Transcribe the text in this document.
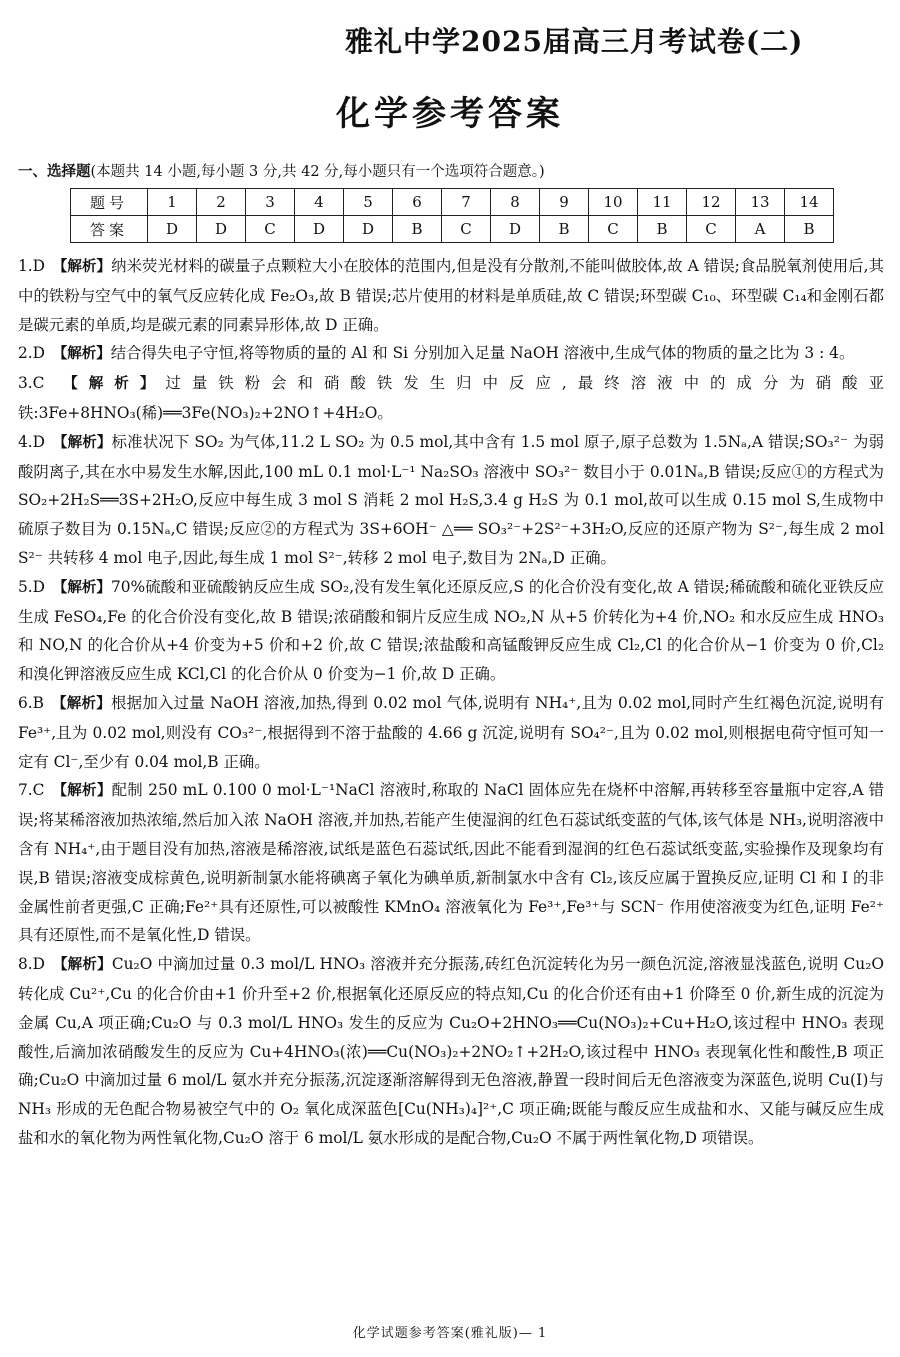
雅礼中学2025届高三月考试卷(二)
化学参考答案
一、选择题(本题共 14 小题,每小题 3 分,共 42 分,每小题只有一个选项符合题意。)
题号	1	2	3	4	5	6	7	8	9	10	11	12	13	14
答案	D	D	C	D	D	B	C	D	B	C	B	C	A	B
1.D  【解析】纳米荧光材料的碳量子点颗粒大小在胶体的范围内,但是没有分散剂,不能叫做胶体,故 A 错误;食品脱氧剂使用后,其中的铁粉与空气中的氧气反应转化成 Fe₂O₃,故 B 错误;芯片使用的材料是单质硅,故 C 错误;环型碳 C₁₀、环型碳 C₁₄和金刚石都是碳元素的单质,均是碳元素的同素异形体,故 D 正确。
2.D  【解析】结合得失电子守恒,将等物质的量的 Al 和 Si 分别加入足量 NaOH 溶液中,生成气体的物质的量之比为 3 : 4。
3.C  【解析】过量铁粉会和硝酸铁发生归中反应,最终溶液中的成分为硝酸亚铁:3Fe+8HNO₃(稀)══3Fe(NO₃)₂+2NO↑+4H₂O。
4.D  【解析】标准状况下 SO₂ 为气体,11.2 L SO₂ 为 0.5 mol,其中含有 1.5 mol 原子,原子总数为 1.5Nₐ,A 错误;SO₃²⁻ 为弱酸阴离子,其在水中易发生水解,因此,100 mL 0.1 mol·L⁻¹ Na₂SO₃ 溶液中 SO₃²⁻ 数目小于 0.01Nₐ,B 错误;反应①的方程式为 SO₂+2H₂S══3S+2H₂O,反应中每生成 3 mol S 消耗 2 mol H₂S,3.4 g H₂S 为 0.1 mol,故可以生成 0.15 mol S,生成物中硫原子数目为 0.15Nₐ,C 错误;反应②的方程式为 3S+6OH⁻ △══ SO₃²⁻+2S²⁻+3H₂O,反应的还原产物为 S²⁻,每生成 2 mol S²⁻ 共转移 4 mol 电子,因此,每生成 1 mol S²⁻,转移 2 mol 电子,数目为 2Nₐ,D 正确。
5.D  【解析】70%硫酸和亚硫酸钠反应生成 SO₂,没有发生氧化还原反应,S 的化合价没有变化,故 A 错误;稀硫酸和硫化亚铁反应生成 FeSO₄,Fe 的化合价没有变化,故 B 错误;浓硝酸和铜片反应生成 NO₂,N 从+5 价转化为+4 价,NO₂ 和水反应生成 HNO₃ 和 NO,N 的化合价从+4 价变为+5 价和+2 价,故 C 错误;浓盐酸和高锰酸钾反应生成 Cl₂,Cl 的化合价从−1 价变为 0 价,Cl₂ 和溴化钾溶液反应生成 KCl,Cl 的化合价从 0 价变为−1 价,故 D 正确。
6.B  【解析】根据加入过量 NaOH 溶液,加热,得到 0.02 mol 气体,说明有 NH₄⁺,且为 0.02 mol,同时产生红褐色沉淀,说明有 Fe³⁺,且为 0.02 mol,则没有 CO₃²⁻,根据得到不溶于盐酸的 4.66 g 沉淀,说明有 SO₄²⁻,且为 0.02 mol,则根据电荷守恒可知一定有 Cl⁻,至少有 0.04 mol,B 正确。
7.C  【解析】配制 250 mL 0.100 0 mol·L⁻¹NaCl 溶液时,称取的 NaCl 固体应先在烧杯中溶解,再转移至容量瓶中定容,A 错误;将某稀溶液加热浓缩,然后加入浓 NaOH 溶液,并加热,若能产生使湿润的红色石蕊试纸变蓝的气体,该气体是 NH₃,说明溶液中含有 NH₄⁺,由于题目没有加热,溶液是稀溶液,试纸是蓝色石蕊试纸,因此不能看到湿润的红色石蕊试纸变蓝,实验操作及现象均有误,B 错误;溶液变成棕黄色,说明新制氯水能将碘离子氧化为碘单质,新制氯水中含有 Cl₂,该反应属于置换反应,证明 Cl 和 I 的非金属性前者更强,C 正确;Fe²⁺具有还原性,可以被酸性 KMnO₄ 溶液氧化为 Fe³⁺,Fe³⁺与 SCN⁻ 作用使溶液变为红色,证明 Fe²⁺ 具有还原性,而不是氧化性,D 错误。
8.D  【解析】Cu₂O 中滴加过量 0.3 mol/L HNO₃ 溶液并充分振荡,砖红色沉淀转化为另一颜色沉淀,溶液显浅蓝色,说明 Cu₂O 转化成 Cu²⁺,Cu 的化合价由+1 价升至+2 价,根据氧化还原反应的特点知,Cu 的化合价还有由+1 价降至 0 价,新生成的沉淀为金属 Cu,A 项正确;Cu₂O 与 0.3 mol/L HNO₃ 发生的反应为 Cu₂O+2HNO₃══Cu(NO₃)₂+Cu+H₂O,该过程中 HNO₃ 表现酸性,后滴加浓硝酸发生的反应为 Cu+4HNO₃(浓)══Cu(NO₃)₂+2NO₂↑+2H₂O,该过程中 HNO₃ 表现氧化性和酸性,B 项正确;Cu₂O 中滴加过量 6 mol/L 氨水并充分振荡,沉淀逐渐溶解得到无色溶液,静置一段时间后无色溶液变为深蓝色,说明 Cu(Ⅰ)与 NH₃ 形成的无色配合物易被空气中的 O₂ 氧化成深蓝色[Cu(NH₃)₄]²⁺,C 项正确;既能与酸反应生成盐和水、又能与碱反应生成盐和水的氧化物为两性氧化物,Cu₂O 溶于 6 mol/L 氨水形成的是配合物,Cu₂O 不属于两性氧化物,D 项错误。
化学试题参考答案(雅礼版)— 1
